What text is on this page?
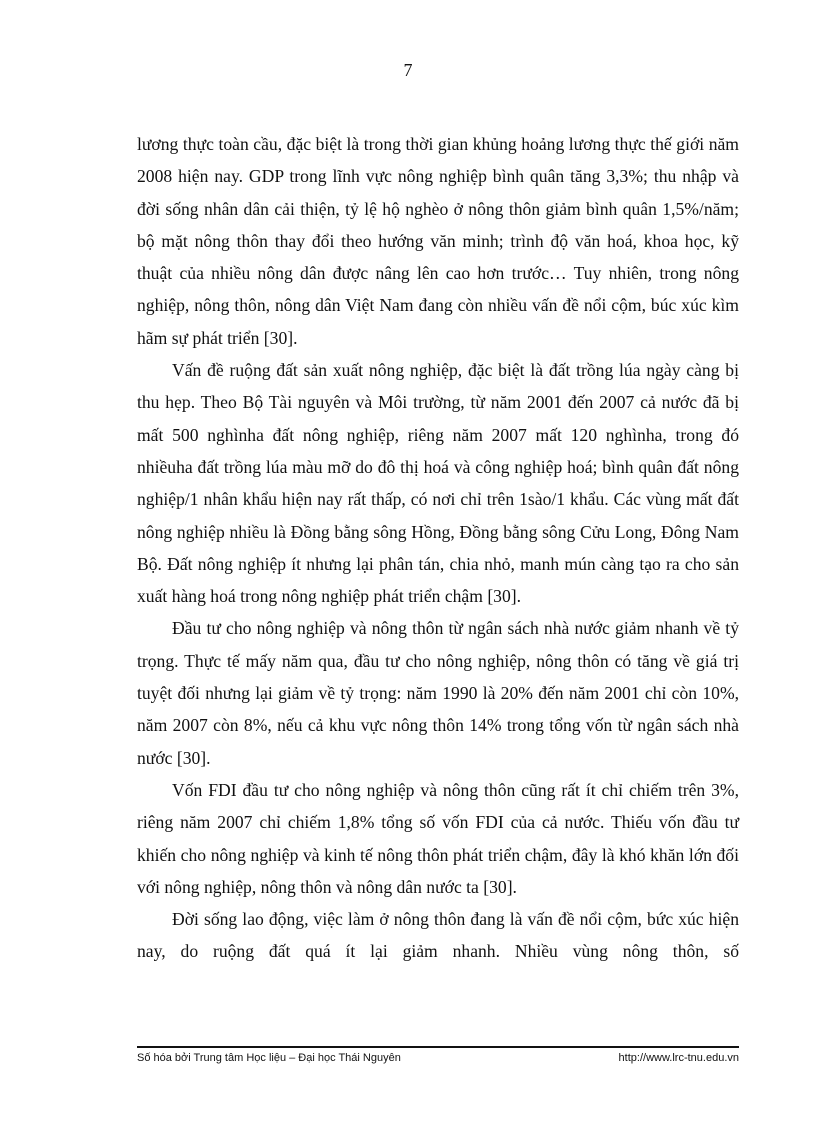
7

lương thực toàn cầu, đặc biệt là trong thời gian khủng hoảng lương thực thế giới năm 2008 hiện nay. GDP trong lĩnh vực nông nghiệp bình quân tăng 3,3%; thu nhập và đời sống nhân dân cải thiện, tỷ lệ hộ nghèo ở nông thôn giảm bình quân 1,5%/năm; bộ mặt nông thôn thay đổi theo hướng văn minh; trình độ văn hoá, khoa học, kỹ thuật của nhiều nông dân được nâng lên cao hơn trước… Tuy nhiên, trong nông nghiệp, nông thôn, nông dân Việt Nam đang còn nhiều vấn đề nổi cộm, búc xúc kìm hãm sự phát triển [30].

Vấn đề ruộng đất sản xuất nông nghiệp, đặc biệt là đất trồng lúa ngày càng bị thu hẹp. Theo Bộ Tài nguyên và Môi trường, từ năm 2001 đến 2007 cả nước đã bị mất 500 nghìnha đất nông nghiệp, riêng năm 2007 mất 120 nghìnha, trong đó nhiềuha đất trồng lúa màu mỡ do đô thị hoá và công nghiệp hoá; bình quân đất nông nghiệp/1 nhân khẩu hiện nay rất thấp, có nơi chỉ trên 1sào/1 khẩu. Các vùng mất đất nông nghiệp nhiều là Đồng bằng sông Hồng, Đồng bằng sông Cửu Long, Đông Nam Bộ. Đất nông nghiệp ít nhưng lại phân tán, chia nhỏ, manh mún càng tạo ra cho sản xuất hàng hoá trong nông nghiệp phát triển chậm [30].

Đầu tư cho nông nghiệp và nông thôn từ ngân sách nhà nước giảm nhanh về tỷ trọng. Thực tế mấy năm qua, đầu tư cho nông nghiệp, nông thôn có tăng về giá trị tuyệt đối nhưng lại giảm về tỷ trọng: năm 1990 là 20% đến năm 2001 chỉ còn 10%, năm 2007 còn 8%, nếu cả khu vực nông thôn 14% trong tổng vốn từ ngân sách nhà nước [30].

Vốn FDI đầu tư cho nông nghiệp và nông thôn cũng rất ít chỉ chiếm trên 3%, riêng năm 2007 chỉ chiếm 1,8% tổng số vốn FDI của cả nước. Thiếu vốn đầu tư khiến cho nông nghiệp và kinh tế nông thôn phát triển chậm, đây là khó khăn lớn đối với nông nghiệp, nông thôn và nông dân nước ta [30].

Đời sống lao động, việc làm ở nông thôn đang là vấn đề nổi cộm, bức xúc hiện nay, do ruộng đất quá ít lại giảm nhanh. Nhiều vùng nông thôn, số

Số hóa bởi Trung tâm Học liệu – Đại học Thái Nguyên	http://www.lrc-tnu.edu.vn
